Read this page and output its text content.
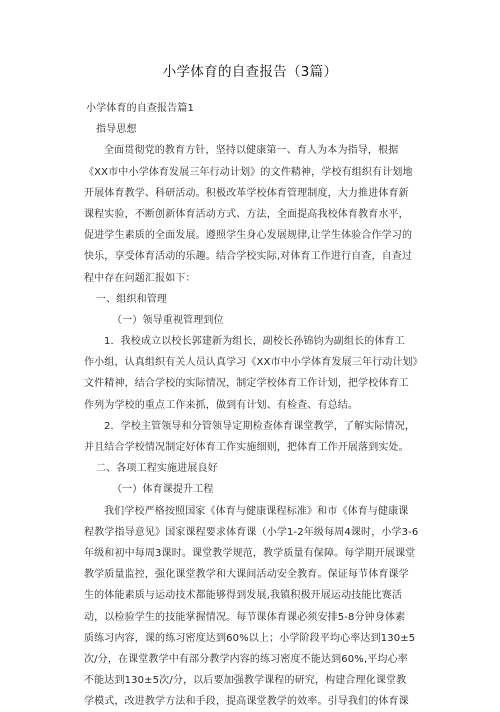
小学体育的自查报告（3篇）
小学体育的自查报告篇1
指导思想
全面贯彻党的教育方针，坚持以健康第一、育人为本为指导，根据
《XX市中小学体育发展三年行动计划》的文件精神，学校有组织有计划地
开展体育教学、科研活动。积极改革学校体育管理制度，大力推进体育新
课程实验，不断创新体育活动方式、方法，全面提高我校体育教育水平，
促进学生素质的全面发展。遵照学生身心发展规律,让学生体验合作学习的
快乐，享受体育活动的乐趣。结合学校实际,对体育工作进行自查，自查过
程中存在问题汇报如下：
一、组织和管理
（一）领导重视管理到位
1．我校成立以校长郭建新为组长，副校长孙锦钧为副组长的体育工
作小组，认真组织有关人员认真学习《XX市中小学体育发展三年行动计划》
文件精神，结合学校的实际情况，制定学校体育工作计划，把学校体育工
作列为学校的重点工作来抓，做到有计划、有检查、有总结。
2．学校主管领导和分管领导定期检查体育课堂教学，了解实际情况，
并且结合学校情况制定好体育工作实施细则，把体育工作开展落到实处。
二、各项工程实施进展良好
（一）体育课提升工程
我们学校严格按照国家《体育与健康课程标准》和市《体育与健康课
程教学指导意见》国家课程要求体育课（小学1-2年级每周4课时，小学3-6
年级和初中每周3课时。课堂教学规范，教学质量有保障。每学期开展课堂
教学质量监控，强化课堂教学和大课间活动安全教育。保证每节体育课学
生的体能素质与运动技术都能够得到发展,我镇积极开展运动技能比赛活
动，以检验学生的技能掌握情况。每节课体育课必须安排5-8分钟身体素
质练习内容，课的练习密度达到60%以上；小学阶段平均心率达到130±5
次/分，在课堂教学中有部分教学内容的练习密度不能达到60%,平均心率
不能达到130±5次/分，以后要加强教学课程的研究，构建合理化课堂教
学模式，改进教学方法和手段，提高课堂教学的效率。引导我们的体育课
